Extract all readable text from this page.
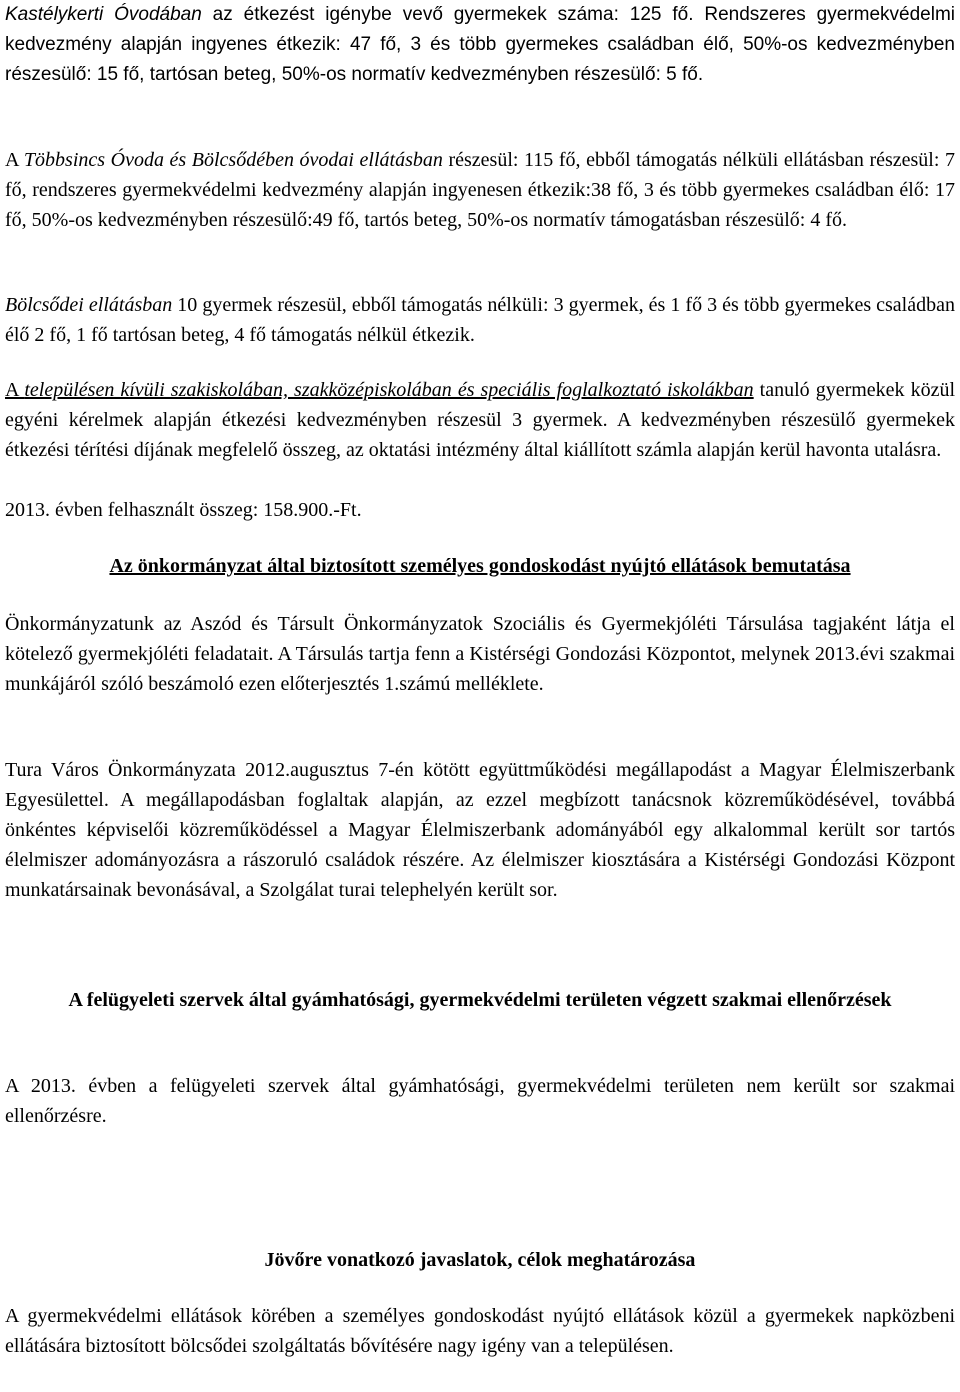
Kastélykerti Óvodában az étkezést igénybe vevő gyermekek száma: 125 fő. Rendszeres gyermekvédelmi kedvezmény alapján ingyenes étkezik: 47 fő, 3 és több gyermekes családban élő, 50%-os kedvezményben részesülő: 15 fő, tartósan beteg, 50%-os normatív kedvezményben részesülő: 5 fő.

A Többsincs Óvoda és Bölcsődében óvodai ellátásban részesül: 115 fő, ebből támogatás nélküli ellátásban részesül: 7 fő, rendszeres gyermekvédelmi kedvezmény alapján ingyenesen étkezik:38 fő, 3 és több gyermekes családban élő: 17 fő, 50%-os kedvezményben részesülő:49 fő, tartós beteg, 50%-os normatív támogatásban részesülő: 4 fő.

Bölcsődei ellátásban 10 gyermek részesül, ebből támogatás nélküli: 3 gyermek, és 1 fő 3 és több gyermekes családban élő 2 fő, 1 fő tartósan beteg, 4 fő támogatás nélkül étkezik.

A településen kívüli szakiskolában, szakközépiskolában és speciális foglalkoztató iskolákban tanuló gyermekek közül egyéni kérelmek alapján étkezési kedvezményben részesül 3 gyermek. A kedvezményben részesülő gyermekek étkezési térítési díjának megfelelő összeg, az oktatási intézmény által kiállított számla alapján kerül havonta utalásra.

2013. évben felhasznált összeg: 158.900.-Ft.

Az önkormányzat által biztosított személyes gondoskodást nyújtó ellátások bemutatása

Önkormányzatunk az Aszód és Társult Önkormányzatok Szociális és Gyermekjóléti Társulása tagjaként látja el kötelező gyermekjóléti feladatait. A Társulás tartja fenn a Kistérségi Gondozási Központot, melynek 2013.évi szakmai munkájáról szóló beszámoló ezen előterjesztés 1.számú melléklete.

Tura Város Önkormányzata 2012.augusztus 7-én kötött együttműködési megállapodást a Magyar Élelmiszerbank Egyesülettel. A megállapodásban foglaltak alapján, az ezzel megbízott tanácsnok közreműködésével, továbbá önkéntes képviselői közreműködéssel a Magyar Élelmiszerbank adományából egy alkalommal került sor tartós élelmiszer adományozásra a rászoruló családok részére. Az élelmiszer kiosztására a Kistérségi Gondozási Központ munkatársainak bevonásával, a Szolgálat turai telephelyén került sor.

A felügyeleti szervek által gyámhatósági, gyermekvédelmi területen végzett szakmai ellenőrzések

A 2013. évben a felügyeleti szervek által gyámhatósági, gyermekvédelmi területen nem került sor szakmai ellenőrzésre.

Jövőre vonatkozó javaslatok, célok meghatározása

A gyermekvédelmi ellátások körében a személyes gondoskodást nyújtó ellátások közül a gyermekek napközbeni ellátására biztosított bölcsődei szolgáltatás bővítésére nagy igény van a településen.
